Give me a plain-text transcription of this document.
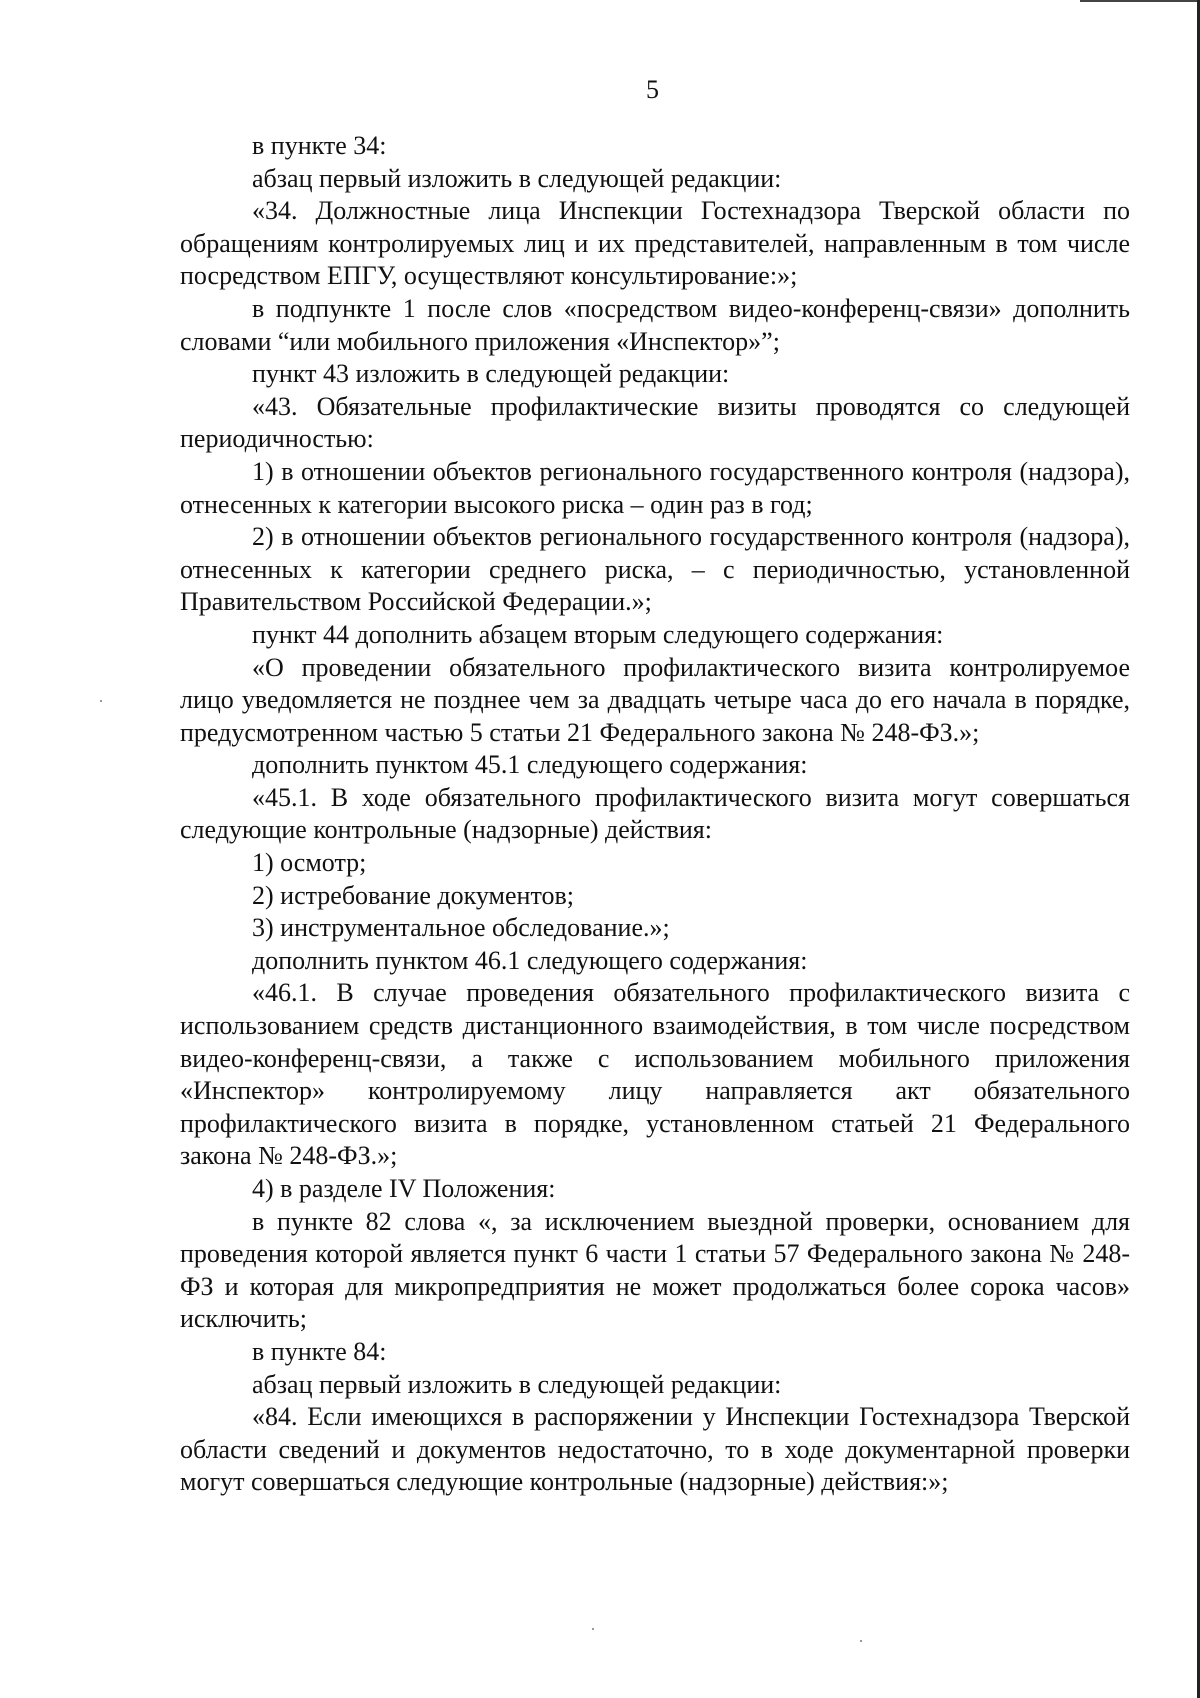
5

в пункте 34:

абзац первый изложить в следующей редакции:

«34. Должностные лица Инспекции Гостехнадзора Тверской области по обращениям контролируемых лиц и их представителей, направленным в том числе посредством ЕПГУ, осуществляют консультирование:»;

в подпункте 1 после слов «посредством видео-конференц-связи» дополнить словами “или мобильного приложения «Инспектор»”;

пункт 43 изложить в следующей редакции:

«43. Обязательные профилактические визиты проводятся со следующей периодичностью:

1) в отношении объектов регионального государственного контроля (надзора), отнесенных к категории высокого риска – один раз в год;

2) в отношении объектов регионального государственного контроля (надзора), отнесенных к категории среднего риска, – с периодичностью, установленной Правительством Российской Федерации.»;

пункт 44 дополнить абзацем вторым следующего содержания:

«О проведении обязательного профилактического визита контролируемое лицо уведомляется не позднее чем за двадцать четыре часа до его начала в порядке, предусмотренном частью 5 статьи 21 Федерального закона № 248-ФЗ.»;

дополнить пунктом 45.1 следующего содержания:

«45.1. В ходе обязательного профилактического визита могут совершаться следующие контрольные (надзорные) действия:

1) осмотр;

2) истребование документов;

3) инструментальное обследование.»;

дополнить пунктом 46.1 следующего содержания:

«46.1. В случае проведения обязательного профилактического визита с использованием средств дистанционного взаимодействия, в том числе посредством видео-конференц-связи, а также с использованием мобильного приложения «Инспектор» контролируемому лицу направляется акт обязательного профилактического визита в порядке, установленном статьей 21 Федерального закона № 248-ФЗ.»;

4) в разделе IV Положения:

в пункте 82 слова «, за исключением выездной проверки, основанием для проведения которой является пункт 6 части 1 статьи 57 Федерального закона № 248-ФЗ и которая для микропредприятия не может продолжаться более сорока часов» исключить;

в пункте 84:

абзац первый изложить в следующей редакции:

«84. Если имеющихся в распоряжении у Инспекции Гостехнадзора Тверской области сведений и документов недостаточно, то в ходе документарной проверки могут совершаться следующие контрольные (надзорные) действия:»;
